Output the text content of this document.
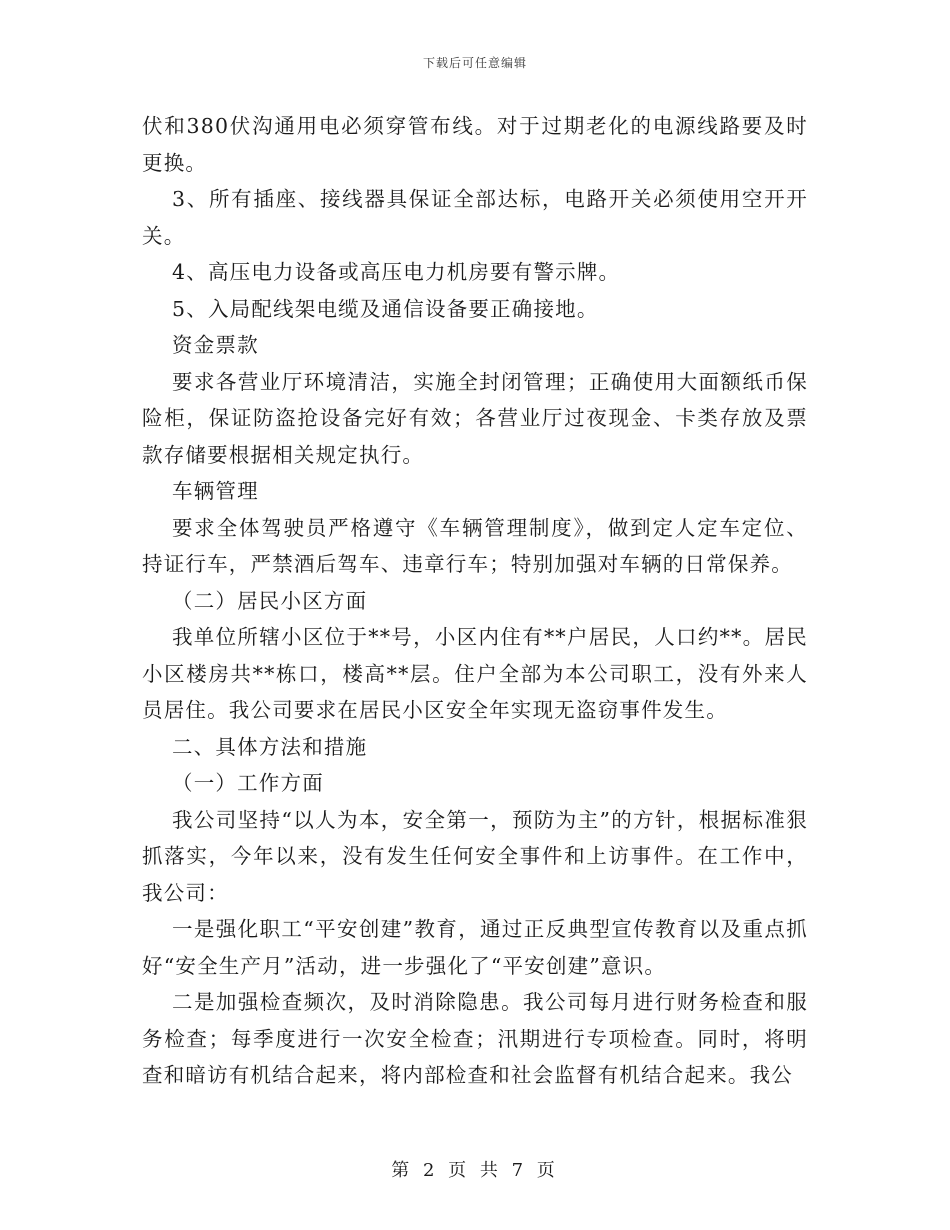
下载后可任意编辑

伏和380伏沟通用电必须穿管布线。对于过期老化的电源线路要及时更换。

3、所有插座、接线器具保证全部达标，电路开关必须使用空开开关。

4、高压电力设备或高压电力机房要有警示牌。

5、入局配线架电缆及通信设备要正确接地。

资金票款

要求各营业厅环境清洁，实施全封闭管理；正确使用大面额纸币保险柜，保证防盗抢设备完好有效；各营业厅过夜现金、卡类存放及票款存储要根据相关规定执行。

车辆管理

要求全体驾驶员严格遵守《车辆管理制度》，做到定人定车定位、持证行车，严禁酒后驾车、违章行车；特别加强对车辆的日常保养。

（二）居民小区方面

我单位所辖小区位于**号，小区内住有**户居民，人口约**。居民小区楼房共**栋口，楼高**层。住户全部为本公司职工，没有外来人员居住。我公司要求在居民小区安全年实现无盗窃事件发生。

二、具体方法和措施

（一）工作方面

我公司坚持“以人为本，安全第一，预防为主”的方针，根据标准狠抓落实，今年以来，没有发生任何安全事件和上访事件。在工作中，我公司：

一是强化职工“平安创建”教育，通过正反典型宣传教育以及重点抓好“安全生产月”活动，进一步强化了“平安创建”意识。

二是加强检查频次，及时消除隐患。我公司每月进行财务检查和服务检查；每季度进行一次安全检查；汛期进行专项检查。同时，将明查和暗访有机结合起来，将内部检查和社会监督有机结合起来。我公

第 2 页 共 7 页
